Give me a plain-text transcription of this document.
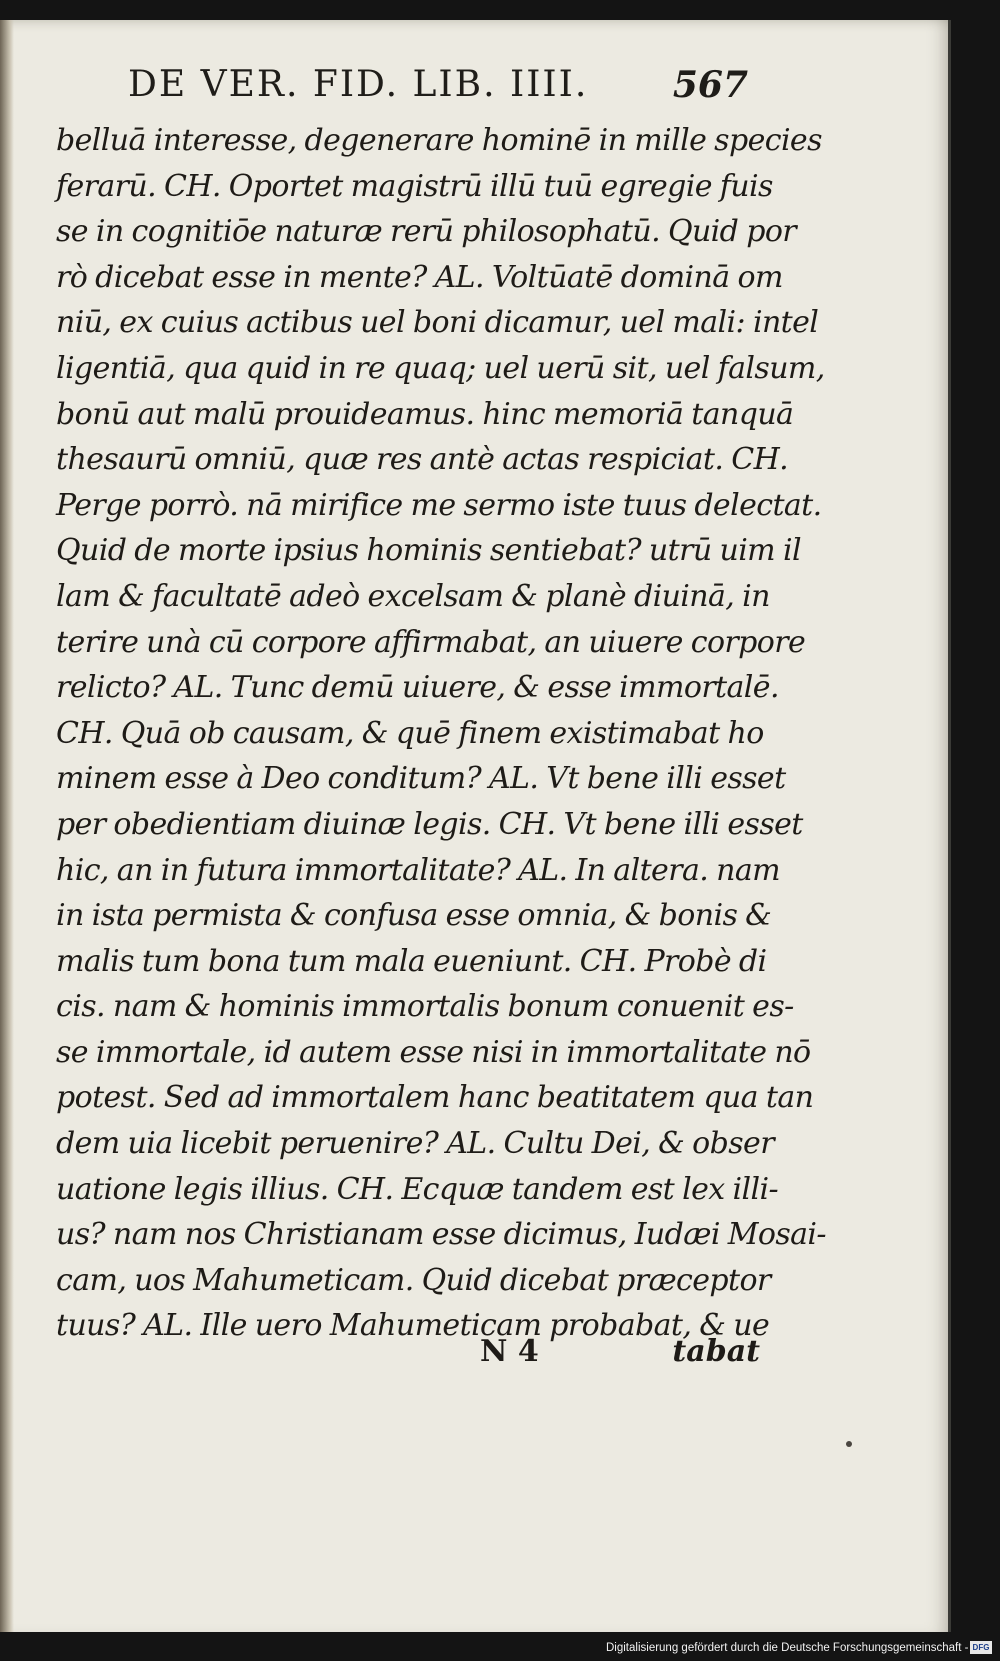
DE VER. FID. LIB. IIII. 567
belluā interesse, degenerare hominē in mille species
ferarū. CH. Oportet magistrū illū tuū egregie fuis
se in cognitiōe naturæ rerū philosophatū. Quid por
rò dicebat esse in mente? AL. Voltūatē dominā om
niū, ex cuius actibus uel boni dicamur, uel mali: intel
ligentiā, qua quid in re quaq; uel uerū sit, uel falsum,
bonū aut malū prouideamus. hinc memoriā tanquā
thesaurū omniū, quæ res antè actas respiciat. CH.
Perge porrò. nā mirifice me sermo iste tuus delectat.
Quid de morte ipsius hominis sentiebat? utrū uim il
lam & facultatē adeò excelsam & planè diuinā, in
terire unà cū corpore affirmabat, an uiuere corpore
relicto? AL. Tunc demū uiuere, & esse immortalē.
CH. Quā ob causam, & quē finem existimabat ho
minem esse à Deo conditum? AL. Vt bene illi esset
per obedientiam diuinæ legis. CH. Vt bene illi esset
hic, an in futura immortalitate? AL. In altera. nam
in ista permista & confusa esse omnia, & bonis &
malis tum bona tum mala eueniunt. CH. Probè di
cis. nam & hominis immortalis bonum conuenit es-
se immortale, id autem esse nisi in immortalitate nō
potest. Sed ad immortalem hanc beatitatem qua tan
dem uia licebit peruenire? AL. Cultu Dei, & obser
uatione legis illius. CH. Ecquæ tandem est lex illi-
us? nam nos Christianam esse dicimus, Iudæi Mosai-
cam, uos Mahumeticam. Quid dicebat præceptor
tuus? AL. Ille uero Mahumeticam probabat, & ue
N 4	tabat
Digitalisierung gefördert durch die Deutsche Forschungsgemeinschaft - DFG
